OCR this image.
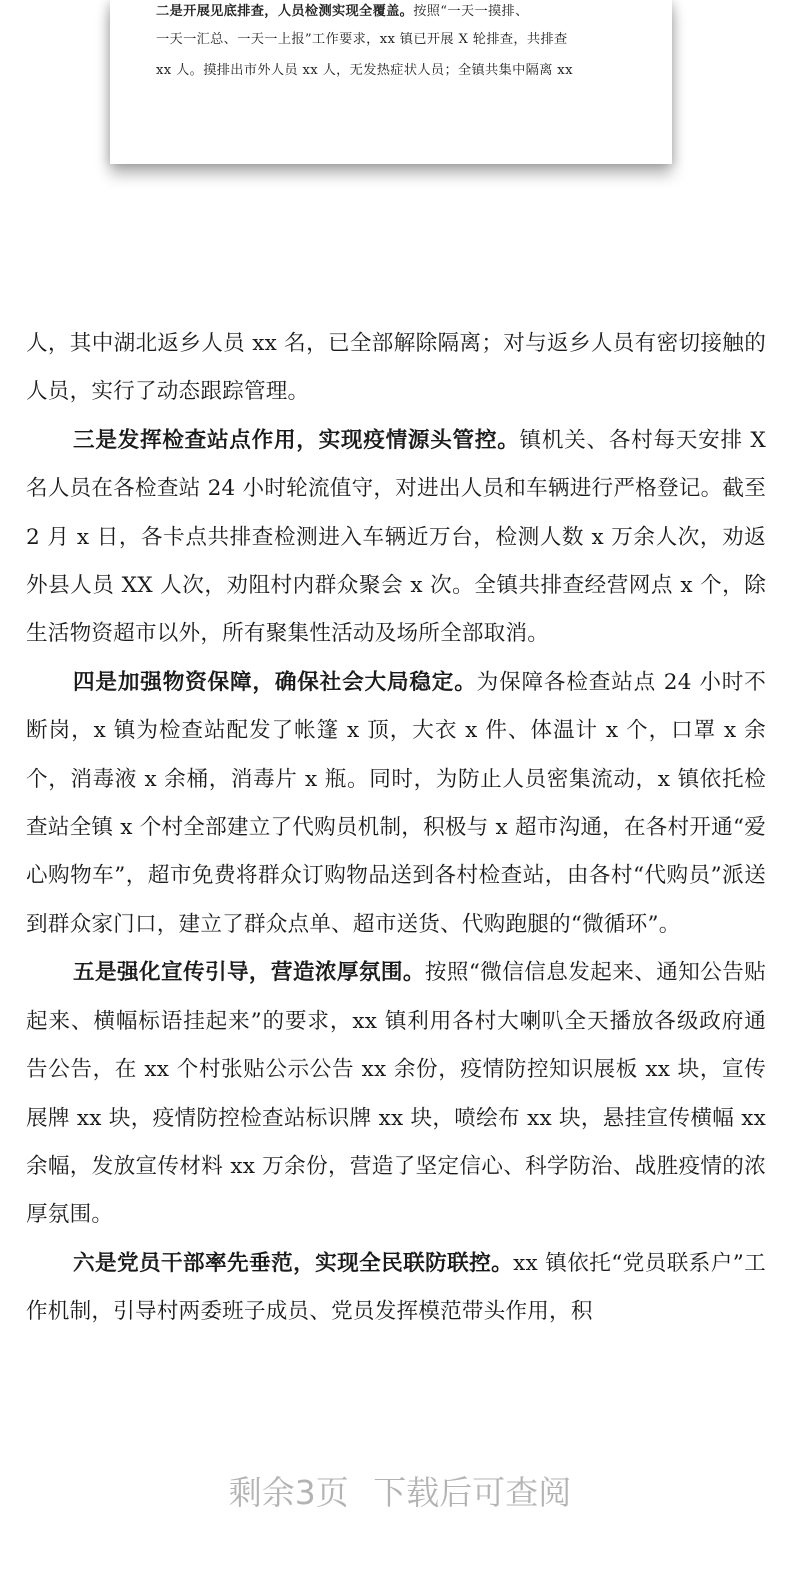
二是开展见底排查，人员检测实现全覆盖。按照“一天一摸排、

一天一汇总、一天一上报”工作要求，xx 镇已开展 X 轮排查，共排查

xx 人。摸排出市外人员 xx 人，无发热症状人员；全镇共集中隔离 xx

人，其中湖北返乡人员 xx 名，已全部解除隔离；对与返乡人员有密切接触的人员，实行了动态跟踪管理。

三是发挥检查站点作用，实现疫情源头管控。镇机关、各村每天安排 X 名人员在各检查站 24 小时轮流值守，对进出人员和车辆进行严格登记。截至 2 月 x 日，各卡点共排查检测进入车辆近万台，检测人数 x 万余人次，劝返外县人员 XX 人次，劝阻村内群众聚会 x 次。全镇共排查经营网点 x 个，除生活物资超市以外，所有聚集性活动及场所全部取消。

四是加强物资保障，确保社会大局稳定。为保障各检查站点 24 小时不断岗，x 镇为检查站配发了帐篷 x 顶，大衣 x 件、体温计 x 个，口罩 x 余个，消毒液 x 余桶，消毒片 x 瓶。同时，为防止人员密集流动，x 镇依托检查站全镇 x 个村全部建立了代购员机制，积极与 x 超市沟通，在各村开通“爱心购物车”，超市免费将群众订购物品送到各村检查站，由各村“代购员”派送到群众家门口，建立了群众点单、超市送货、代购跑腿的“微循环”。

五是强化宣传引导，营造浓厚氛围。按照“微信信息发起来、通知公告贴起来、横幅标语挂起来”的要求，xx 镇利用各村大喇叭全天播放各级政府通告公告，在 xx 个村张贴公示公告 xx 余份，疫情防控知识展板 xx 块，宣传展牌 xx 块，疫情防控检查站标识牌 xx 块，喷绘布 xx 块，悬挂宣传横幅 xx 余幅，发放宣传材料 xx 万余份，营造了坚定信心、科学防治、战胜疫情的浓厚氛围。

六是党员干部率先垂范，实现全民联防联控。xx 镇依托“党员联系户”工作机制，引导村两委班子成员、党员发挥模范带头作用，积

剩余3页 下载后可查阅
